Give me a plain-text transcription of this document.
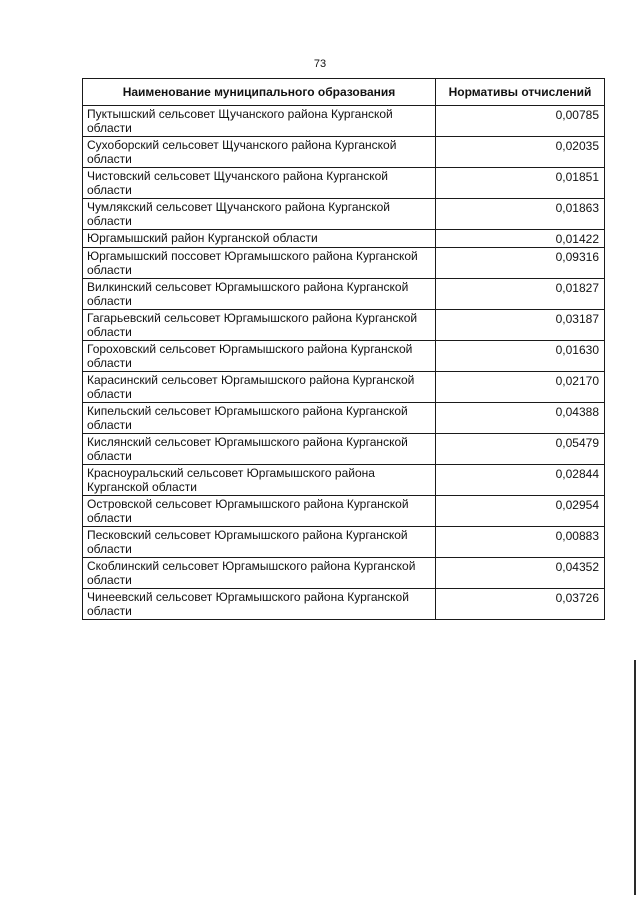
73
Наименование муниципального образования	Нормативы отчислений
Пуктышский сельсовет Щучанского района Курганской области	0,00785
Сухоборский сельсовет Щучанского района Курганской области	0,02035
Чистовский сельсовет Щучанского района Курганской области	0,01851
Чумлякский сельсовет Щучанского района Курганской области	0,01863
Юргамышский район Курганской области	0,01422
Юргамышский поссовет Юргамышского района Курганской области	0,09316
Вилкинский сельсовет Юргамышского района Курганской области	0,01827
Гагарьевский сельсовет Юргамышского района Курганской области	0,03187
Гороховский сельсовет Юргамышского района Курганской области	0,01630
Карасинский сельсовет Юргамышского района Курганской области	0,02170
Кипельский сельсовет Юргамышского района Курганской области	0,04388
Кислянский сельсовет Юргамышского района Курганской области	0,05479
Красноуральский сельсовет Юргамышского района Курганской области	0,02844
Островской сельсовет Юргамышского района Курганской области	0,02954
Песковский сельсовет Юргамышского района Курганской области	0,00883
Скоблинский сельсовет Юргамышского района Курганской области	0,04352
Чинеевский сельсовет Юргамышского района Курганской области	0,03726
